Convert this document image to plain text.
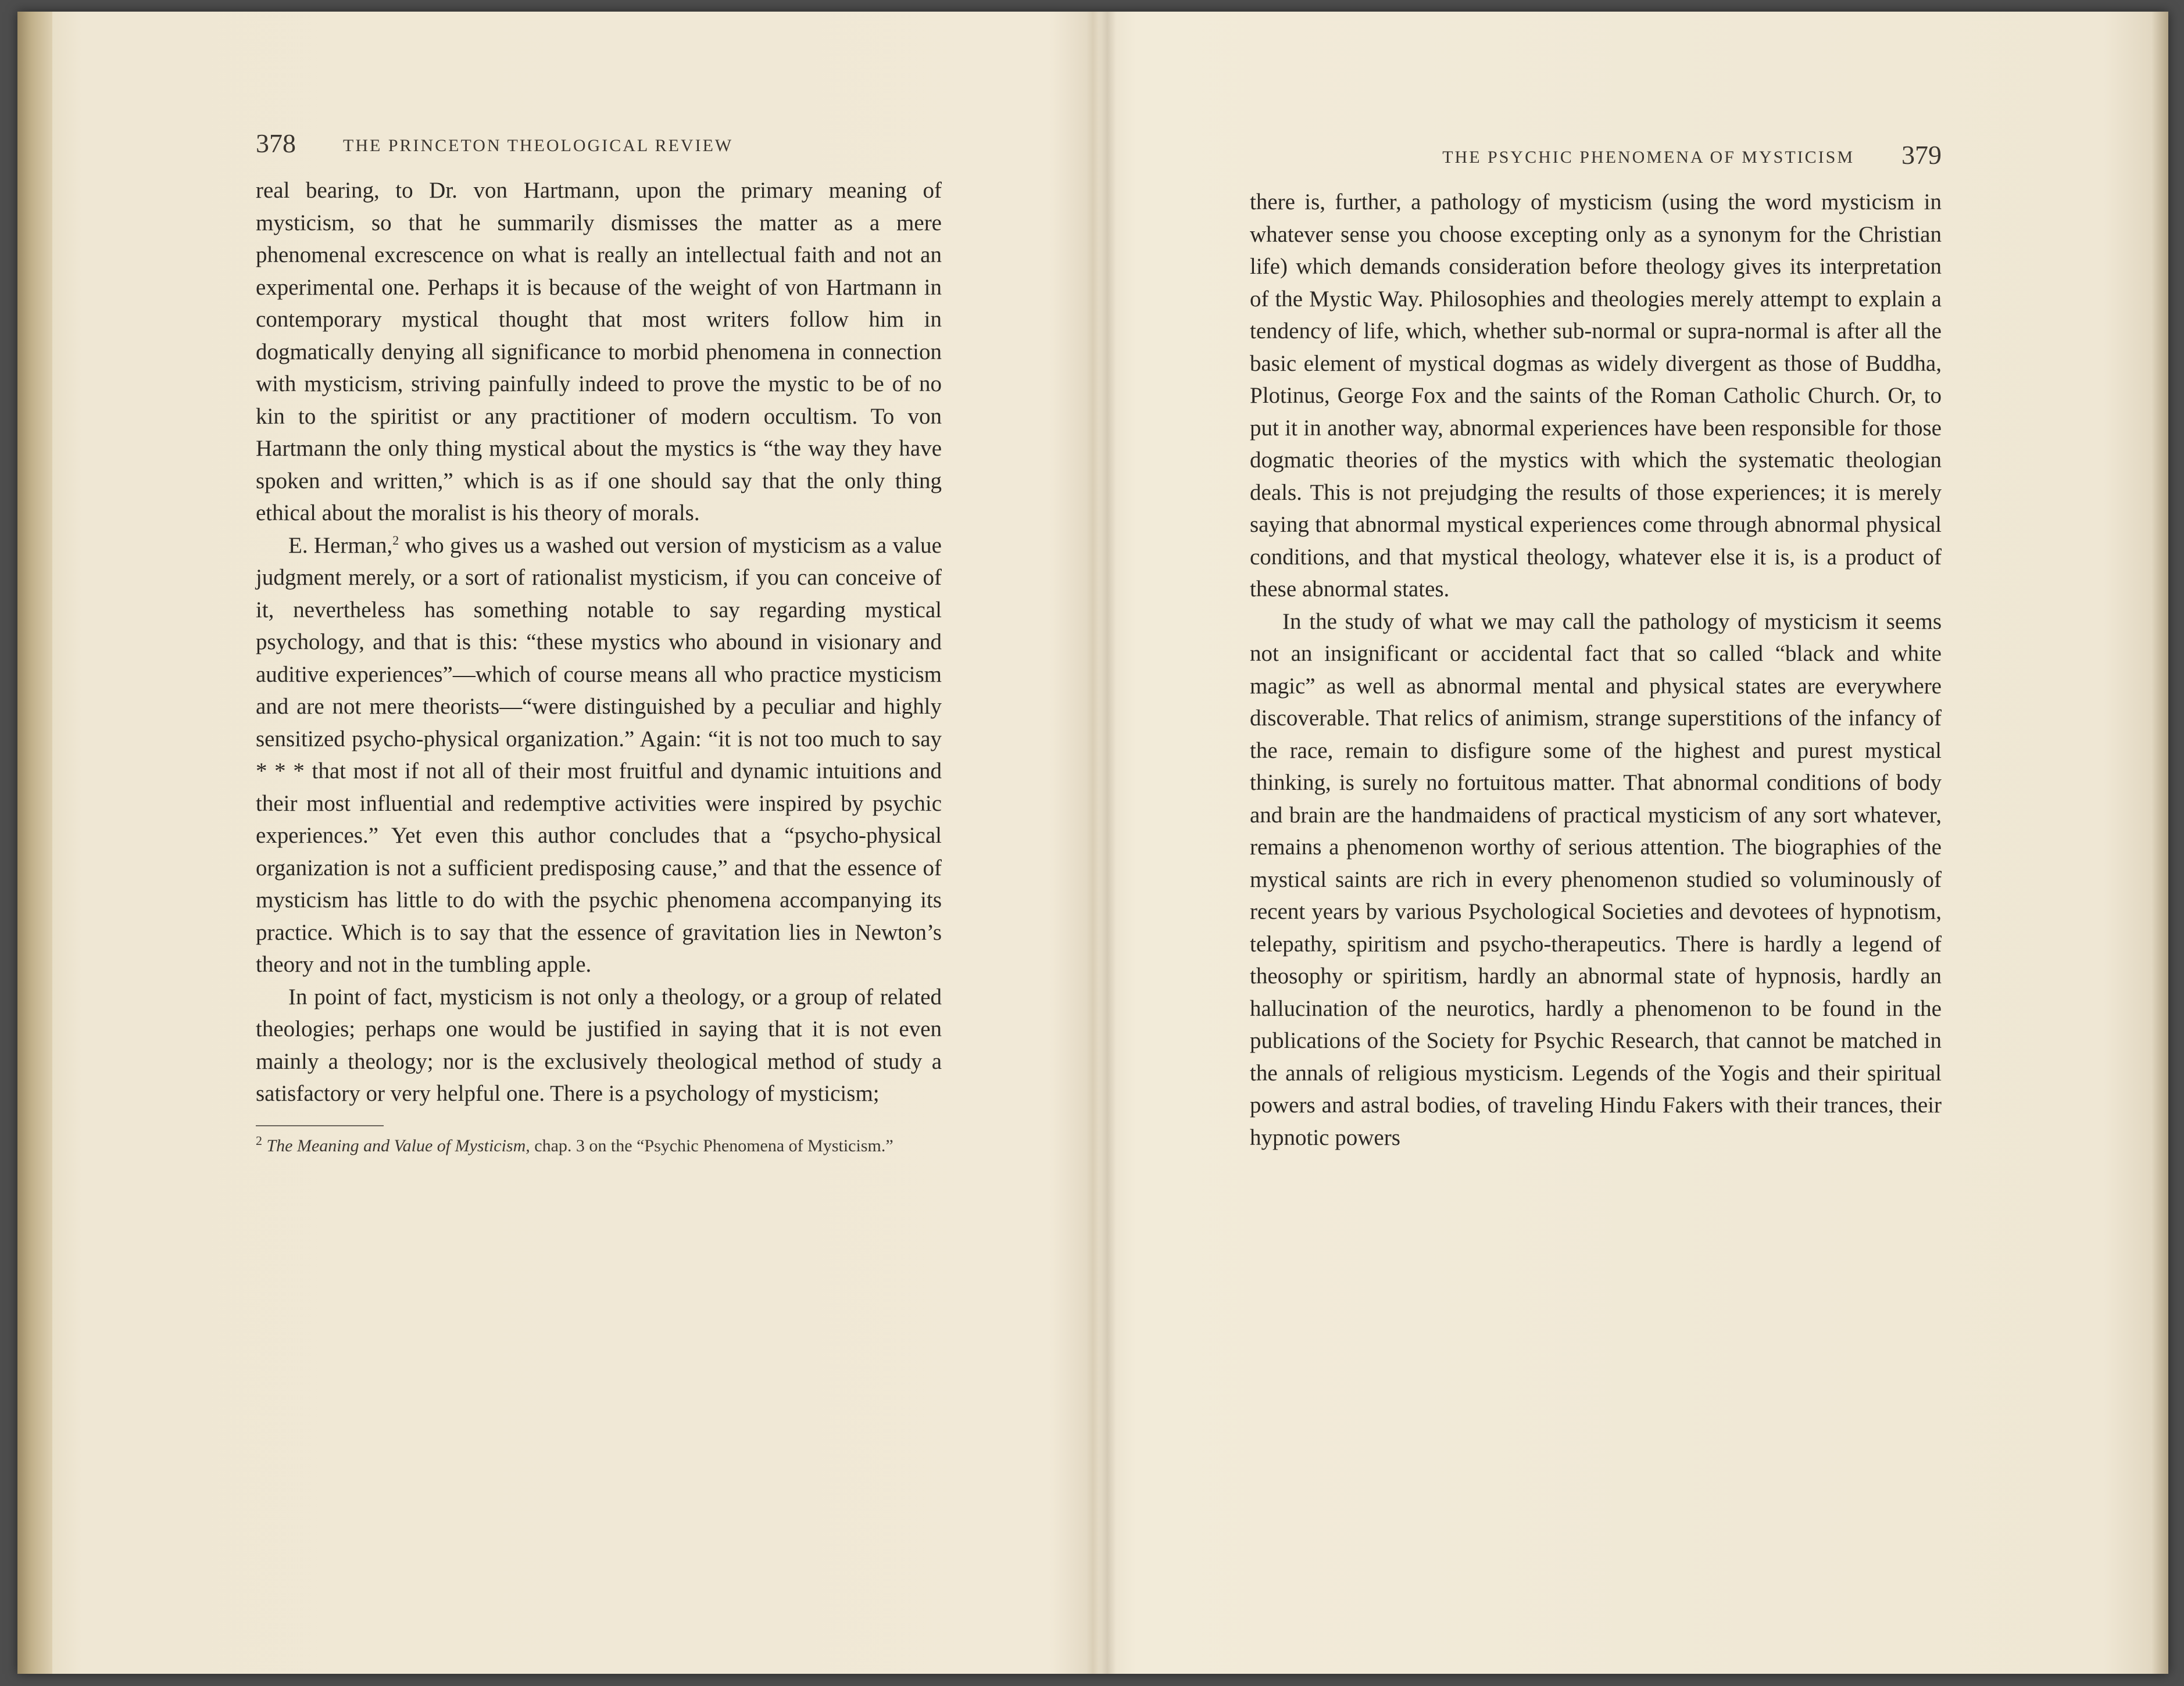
378	THE PRINCETON THEOLOGICAL REVIEW

real bearing, to Dr. von Hartmann, upon the primary meaning of mysticism, so that he summarily dismisses the matter as a mere phenomenal excrescence on what is really an intellectual faith and not an experimental one. Perhaps it is because of the weight of von Hartmann in contemporary mystical thought that most writers follow him in dogmatically denying all significance to morbid phenomena in connection with mysticism, striving painfully indeed to prove the mystic to be of no kin to the spiritist or any practitioner of modern occultism. To von Hartmann the only thing mystical about the mystics is “the way they have spoken and written,” which is as if one should say that the only thing ethical about the moralist is his theory of morals.

E. Herman,$^2$ who gives us a washed out version of mysticism as a value judgment merely, or a sort of rationalist mysticism, if you can conceive of it, nevertheless has something notable to say regarding mystical psychology, and that is this: “these mystics who abound in visionary and auditive experiences”—which of course means all who practice mysticism and are not mere theorists—“were distinguished by a peculiar and highly sensitized psycho-physical organization.” Again: “it is not too much to say * * * that most if not all of their most fruitful and dynamic intuitions and their most influential and redemptive activities were inspired by psychic experiences.” Yet even this author concludes that a “psycho-physical organization is not a sufficient predisposing cause,” and that the essence of mysticism has little to do with the psychic phenomena accompanying its practice. Which is to say that the essence of gravitation lies in Newton’s theory and not in the tumbling apple.

In point of fact, mysticism is not only a theology, or a group of related theologies; perhaps one would be justified in saying that it is not even mainly a theology; nor is the exclusively theological method of study a satisfactory or very helpful one. There is a psychology of mysticism;

$^2$ The Meaning and Value of Mysticism, chap. 3 on the “Psychic Phenomena of Mysticism.”
THE PSYCHIC PHENOMENA OF MYSTICISM 379

there is, further, a pathology of mysticism (using the word mysticism in whatever sense you choose excepting only as a synonym for the Christian life) which demands consideration before theology gives its interpretation of the Mystic Way. Philosophies and theologies merely attempt to explain a tendency of life, which, whether sub-normal or supra-normal is after all the basic element of mystical dogmas as widely divergent as those of Buddha, Plotinus, George Fox and the saints of the Roman Catholic Church. Or, to put it in another way, abnormal experiences have been responsible for those dogmatic theories of the mystics with which the systematic theologian deals. This is not prejudging the results of those experiences; it is merely saying that abnormal mystical experiences come through abnormal physical conditions, and that mystical theology, whatever else it is, is a product of these abnormal states.

In the study of what we may call the pathology of mysticism it seems not an insignificant or accidental fact that so called “black and white magic” as well as abnormal mental and physical states are everywhere discoverable. That relics of animism, strange superstitions of the infancy of the race, remain to disfigure some of the highest and purest mystical thinking, is surely no fortuitous matter. That abnormal conditions of body and brain are the handmaidens of practical mysticism of any sort whatever, remains a phenomenon worthy of serious attention. The biographies of the mystical saints are rich in every phenomenon studied so voluminously of recent years by various Psychological Societies and devotees of hypnotism, telepathy, spiritism and psycho-therapeutics. There is hardly a legend of theosophy or spiritism, hardly an abnormal state of hypnosis, hardly an hallucination of the neurotics, hardly a phenomenon to be found in the publications of the Society for Psychic Research, that cannot be matched in the annals of religious mysticism. Legends of the Yogis and their spiritual powers and astral bodies, of traveling Hindu Fakers with their trances, their hypnotic powers
